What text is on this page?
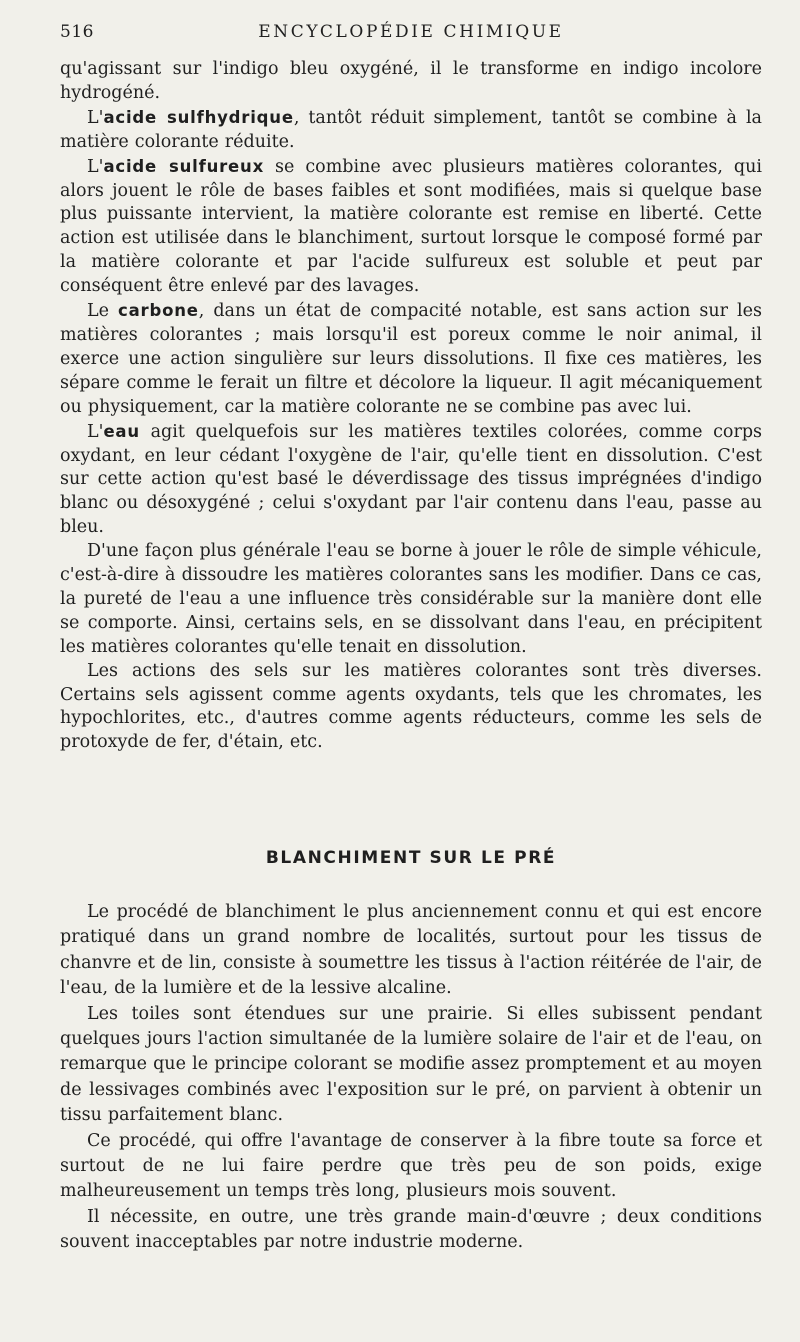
516	ENCYCLOPÉDIE CHIMIQUE

qu'agissant sur l'indigo bleu oxygéné, il le transforme en indigo incolore hydrogéné.

L'acide sulfhydrique, tantôt réduit simplement, tantôt se combine à la matière colorante réduite.

L'acide sulfureux se combine avec plusieurs matières colorantes, qui alors jouent le rôle de bases faibles et sont modifiées, mais si quelque base plus puissante intervient, la matière colorante est remise en liberté. Cette action est utilisée dans le blanchiment, surtout lorsque le composé formé par la matière colorante et par l'acide sulfureux est soluble et peut par conséquent être enlevé par des lavages.

Le carbone, dans un état de compacité notable, est sans action sur les matières colorantes ; mais lorsqu'il est poreux comme le noir animal, il exerce une action singulière sur leurs dissolutions. Il fixe ces matières, les sépare comme le ferait un filtre et décolore la liqueur. Il agit mécaniquement ou physiquement, car la matière colorante ne se combine pas avec lui.

L'eau agit quelquefois sur les matières textiles colorées, comme corps oxydant, en leur cédant l'oxygène de l'air, qu'elle tient en dissolution. C'est sur cette action qu'est basé le déverdissage des tissus imprégnées d'indigo blanc ou désoxygéné ; celui s'oxydant par l'air contenu dans l'eau, passe au bleu.

D'une façon plus générale l'eau se borne à jouer le rôle de simple véhicule, c'est-à-dire à dissoudre les matières colorantes sans les modifier. Dans ce cas, la pureté de l'eau a une influence très considérable sur la manière dont elle se comporte. Ainsi, certains sels, en se dissolvant dans l'eau, en précipitent les matières colorantes qu'elle tenait en dissolution.

Les actions des sels sur les matières colorantes sont très diverses. Certains sels agissent comme agents oxydants, tels que les chromates, les hypochlorites, etc., d'autres comme agents réducteurs, comme les sels de protoxyde de fer, d'étain, etc.

BLANCHIMENT SUR LE PRÉ

Le procédé de blanchiment le plus anciennement connu et qui est encore pratiqué dans un grand nombre de localités, surtout pour les tissus de chanvre et de lin, consiste à soumettre les tissus à l'action réitérée de l'air, de l'eau, de la lumière et de la lessive alcaline.

Les toiles sont étendues sur une prairie. Si elles subissent pendant quelques jours l'action simultanée de la lumière solaire de l'air et de l'eau, on remarque que le principe colorant se modifie assez promptement et au moyen de lessivages combinés avec l'exposition sur le pré, on parvient à obtenir un tissu parfaitement blanc.

Ce procédé, qui offre l'avantage de conserver à la fibre toute sa force et surtout de ne lui faire perdre que très peu de son poids, exige malheureusement un temps très long, plusieurs mois souvent.

Il nécessite, en outre, une très grande main-d'œuvre ; deux conditions souvent inacceptables par notre industrie moderne.
